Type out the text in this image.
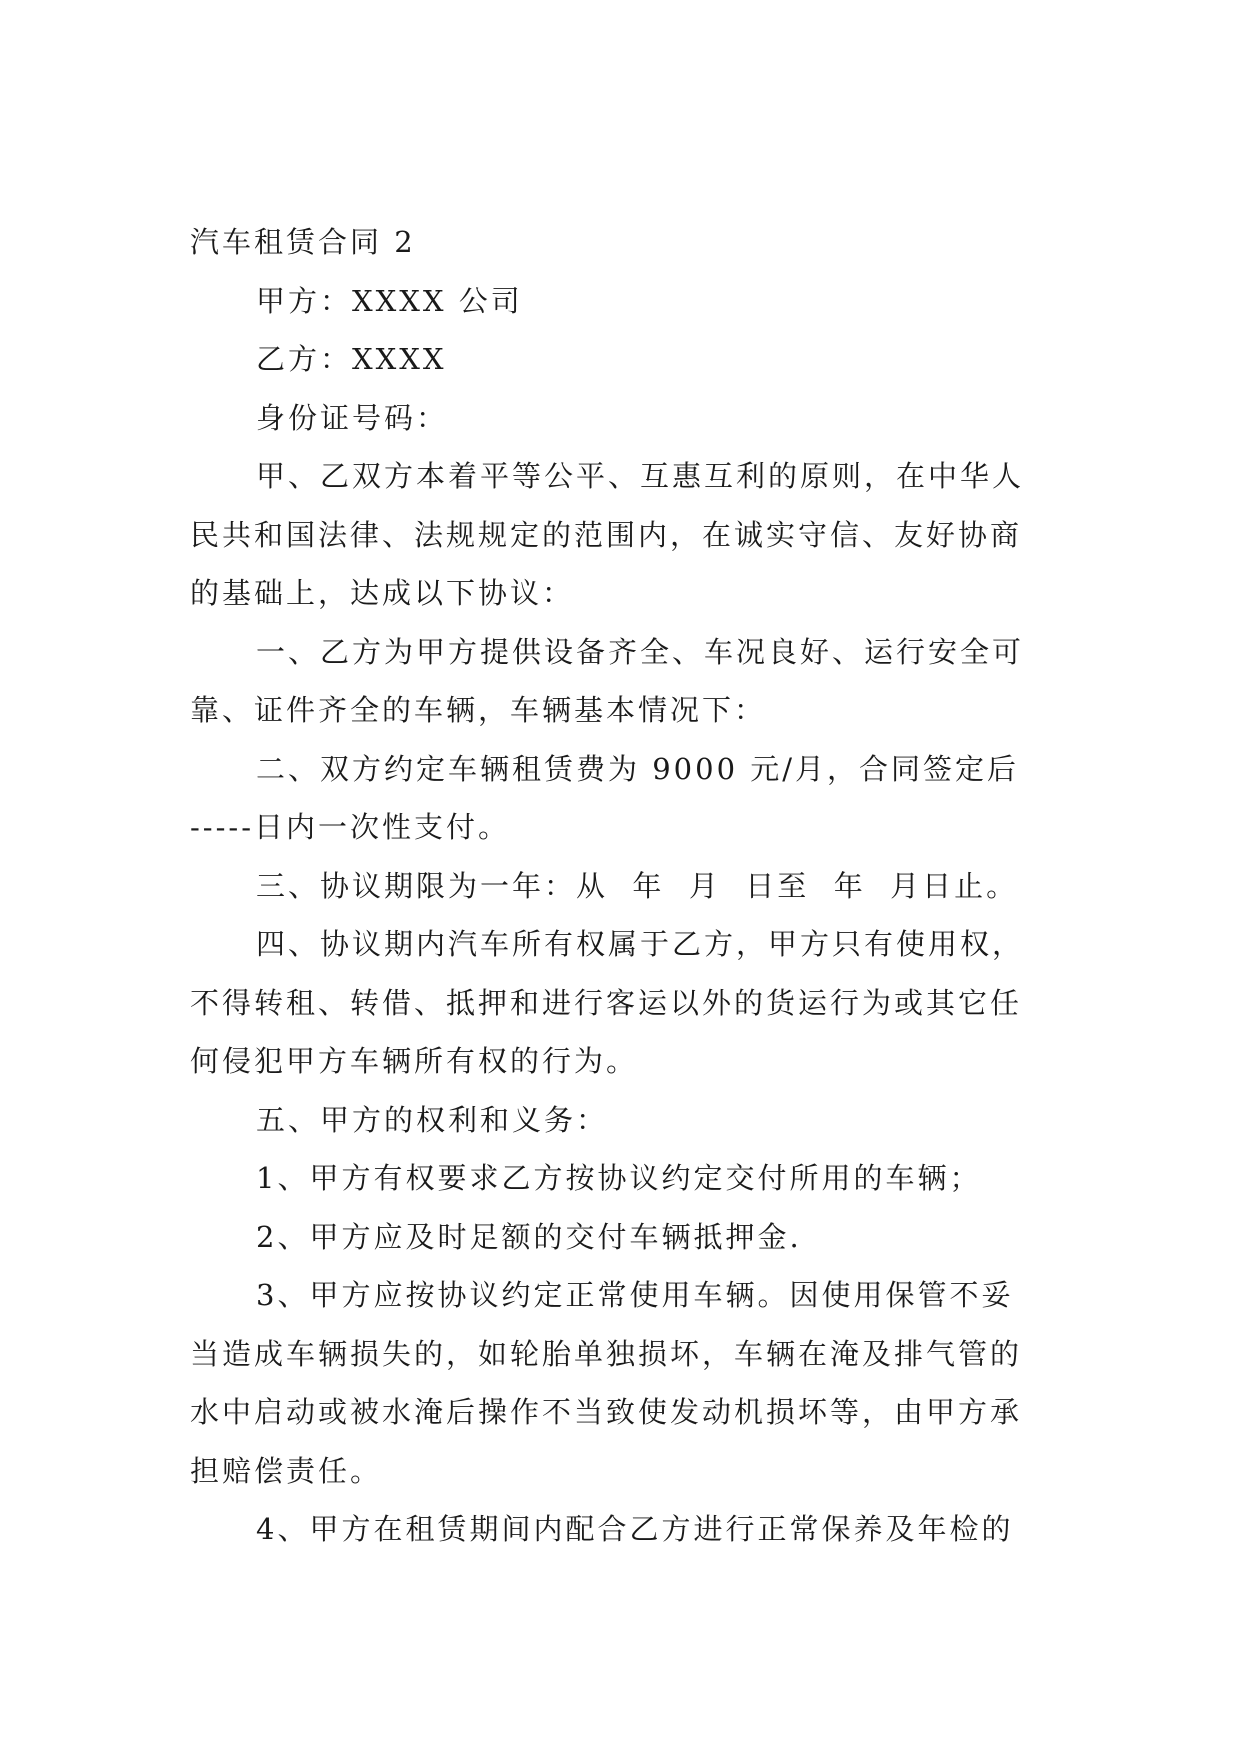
汽车租赁合同 2
甲方：XXXX 公司
乙方：XXXX
身份证号码：
甲、乙双方本着平等公平、互惠互利的原则，在中华人
民共和国法律、法规规定的范围内，在诚实守信、友好协商
的基础上，达成以下协议：
一、乙方为甲方提供设备齐全、车况良好、运行安全可
靠、证件齐全的车辆，车辆基本情况下：
二、双方约定车辆租赁费为 9000 元/月，合同签定后
-----日内一次性支付。
三、协议期限为一年：从  年  月  日至  年  月日止。
四、协议期内汽车所有权属于乙方，甲方只有使用权，
不得转租、转借、抵押和进行客运以外的货运行为或其它任
何侵犯甲方车辆所有权的行为。
五、甲方的权利和义务：
1、甲方有权要求乙方按协议约定交付所用的车辆；
2、甲方应及时足额的交付车辆抵押金.
3、甲方应按协议约定正常使用车辆。因使用保管不妥
当造成车辆损失的，如轮胎单独损坏，车辆在淹及排气管的
水中启动或被水淹后操作不当致使发动机损坏等，由甲方承
担赔偿责任。
4、甲方在租赁期间内配合乙方进行正常保养及年检的
